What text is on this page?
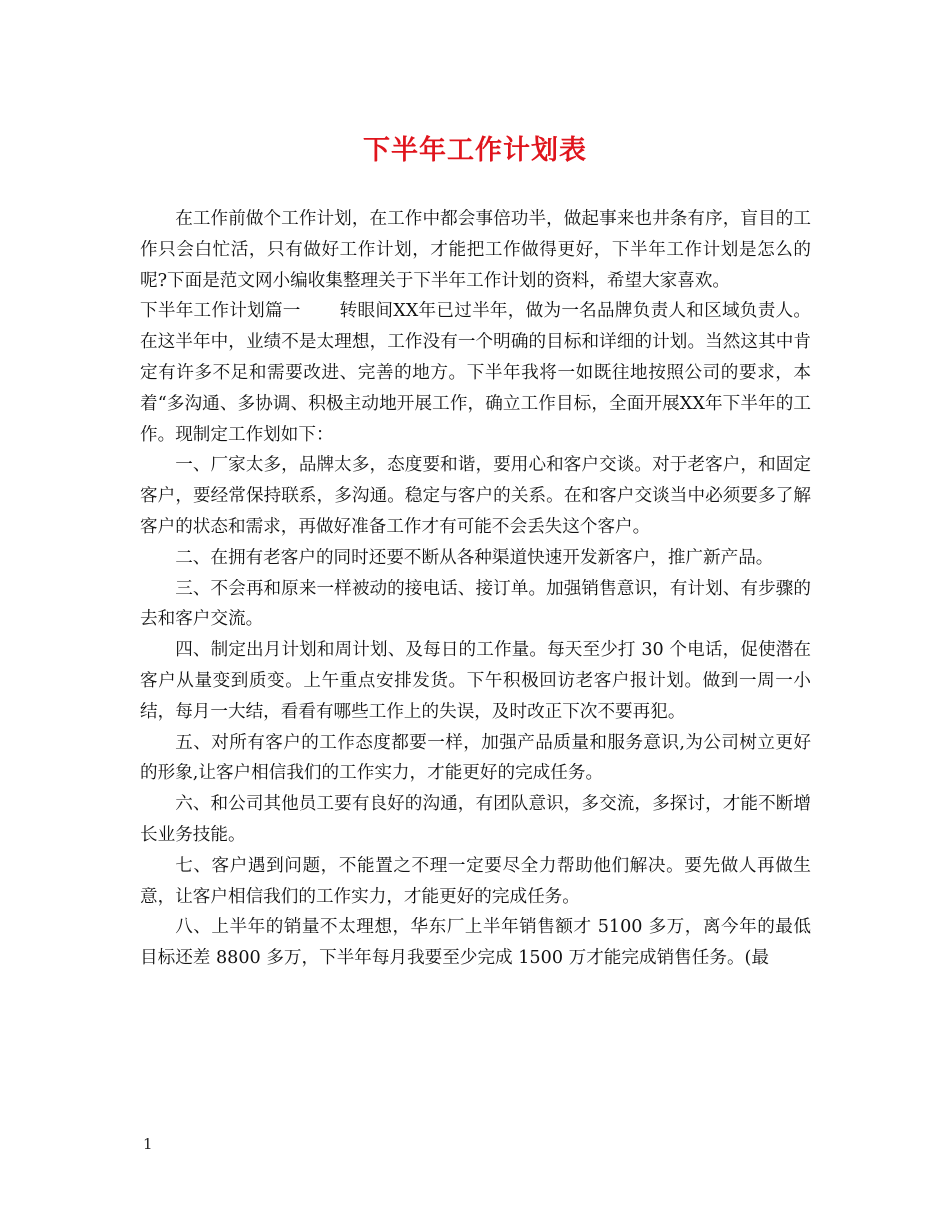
下半年工作计划表

在工作前做个工作计划，在工作中都会事倍功半，做起事来也井条有序，盲目的工作只会白忙活，只有做好工作计划，才能把工作做得更好，下半年工作计划是怎么的呢?下面是范文网小编收集整理关于下半年工作计划的资料，希望大家喜欢。

下半年工作计划篇一 转眼间XX年已过半年，做为一名品牌负责人和区域负责人。在这半年中，业绩不是太理想，工作没有一个明确的目标和详细的计划。当然这其中肯定有许多不足和需要改进、完善的地方。下半年我将一如既往地按照公司的要求，本着“多沟通、多协调、积极主动地开展工作，确立工作目标，全面开展XX年下半年的工作。现制定工作划如下：

一、厂家太多，品牌太多，态度要和谐，要用心和客户交谈。对于老客户，和固定客户，要经常保持联系，多沟通。稳定与客户的关系。在和客户交谈当中必须要多了解客户的状态和需求，再做好准备工作才有可能不会丢失这个客户。

二、在拥有老客户的同时还要不断从各种渠道快速开发新客户，推广新产品。

三、不会再和原来一样被动的接电话、接订单。加强销售意识，有计划、有步骤的去和客户交流。

四、制定出月计划和周计划、及每日的工作量。每天至少打 30 个电话，促使潜在客户从量变到质变。上午重点安排发货。下午积极回访老客户报计划。做到一周一小结，每月一大结，看看有哪些工作上的失误，及时改正下次不要再犯。

五、对所有客户的工作态度都要一样，加强产品质量和服务意识,为公司树立更好的形象,让客户相信我们的工作实力，才能更好的完成任务。

六、和公司其他员工要有良好的沟通，有团队意识，多交流，多探讨，才能不断增长业务技能。

七、客户遇到问题，不能置之不理一定要尽全力帮助他们解决。要先做人再做生意，让客户相信我们的工作实力，才能更好的完成任务。

八、上半年的销量不太理想，华东厂上半年销售额才 5100 多万，离今年的最低目标还差 8800 多万，下半年每月我要至少完成 1500 万才能完成销售任务。(最

1
